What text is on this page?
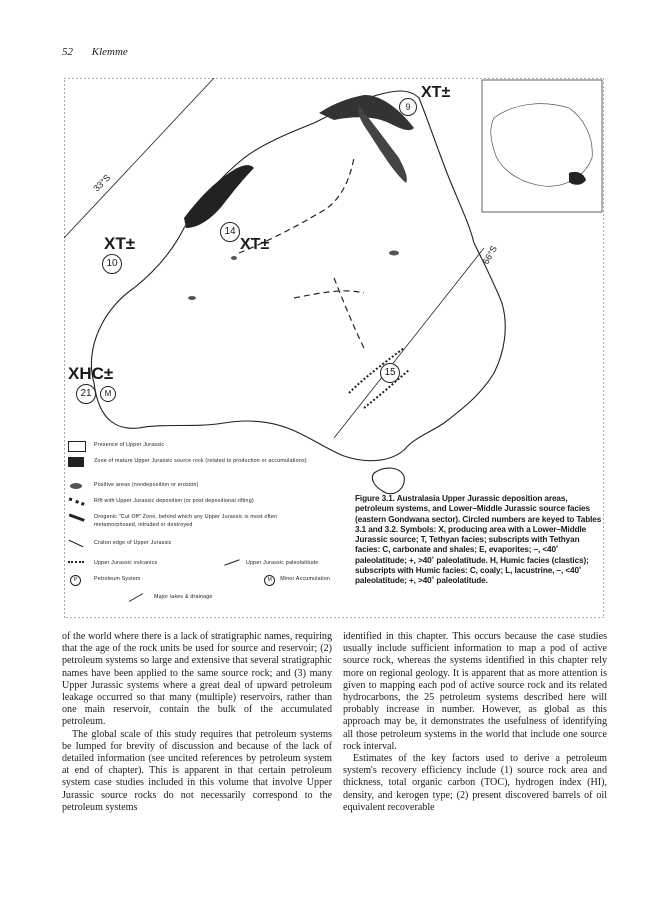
52 Klemme
33°S
66°S
XT±
9
XT±
10
14
XT±
15
XHC±
21	M
Presence of Upper Jurassic
Zone of mature Upper Jurassic source rock (related to production or accumulations)
Positive areas (nondeposition or erosion)
Rift with Upper Jurassic deposition (or post depositional rifting)
Orogenic "Cut Off" Zone, behind which any Upper Jurassic is most often metamorphosed, intruded or destroyed
Craton edge of Upper Jurassic
Upper Jurassic volcanics	Upper Jurassic paleolatitude
P	Petroleum System	M	Minor Accumulation
Major lakes & drainage
Figure 3.1. Australasia Upper Jurassic deposition areas, petroleum systems, and Lower–Middle Jurassic source facies (eastern Gondwana sector). Circled numbers are keyed to Tables 3.1 and 3.2. Symbols: X, producing area with a Lower–Middle Jurassic source; T, Tethyan facies; subscripts with Tethyan facies: C, carbonate and shales; E, evaporites; –, <40˚ paleolatitude; +, >40˚ paleolatitude. H, Humic facies (clastics); subscripts with Humic facies: C, coaly; L, lacustrine, –, <40˚ paleolatitude; +, >40˚ paleolatitude.

of the world where there is a lack of stratigraphic names, requiring that the age of the rock units be used for source and reservoir; (2) petroleum systems so large and extensive that several stratigraphic names have been applied to the same source rock; and (3) many Upper Jurassic systems where a great deal of upward petroleum leakage occurred so that many (multiple) reservoirs, rather than one main reservoir, contain the bulk of the accumulated petroleum.

The global scale of this study requires that petroleum systems be lumped for brevity of discussion and because of the lack of detailed information (see uncited references by petroleum system at end of chapter). This is apparent in that certain petroleum system case studies included in this volume that involve Upper Jurassic source rocks do not necessarily correspond to the petroleum systems

identified in this chapter. This occurs because the case studies usually include sufficient information to map a pod of active source rock, whereas the systems identified in this chapter rely more on regional geology. It is apparent that as more attention is given to mapping each pod of active source rock and its related hydrocarbons, the 25 petroleum systems described here will probably increase in number. However, as global as this approach may be, it demonstrates the usefulness of identifying all those petroleum systems in the world that include one source rock interval.

Estimates of the key factors used to derive a petroleum system's recovery efficiency include (1) source rock area and thickness, total organic carbon (TOC), hydrogen index (HI), density, and kerogen type; (2) present discovered barrels of oil equivalent recoverable
